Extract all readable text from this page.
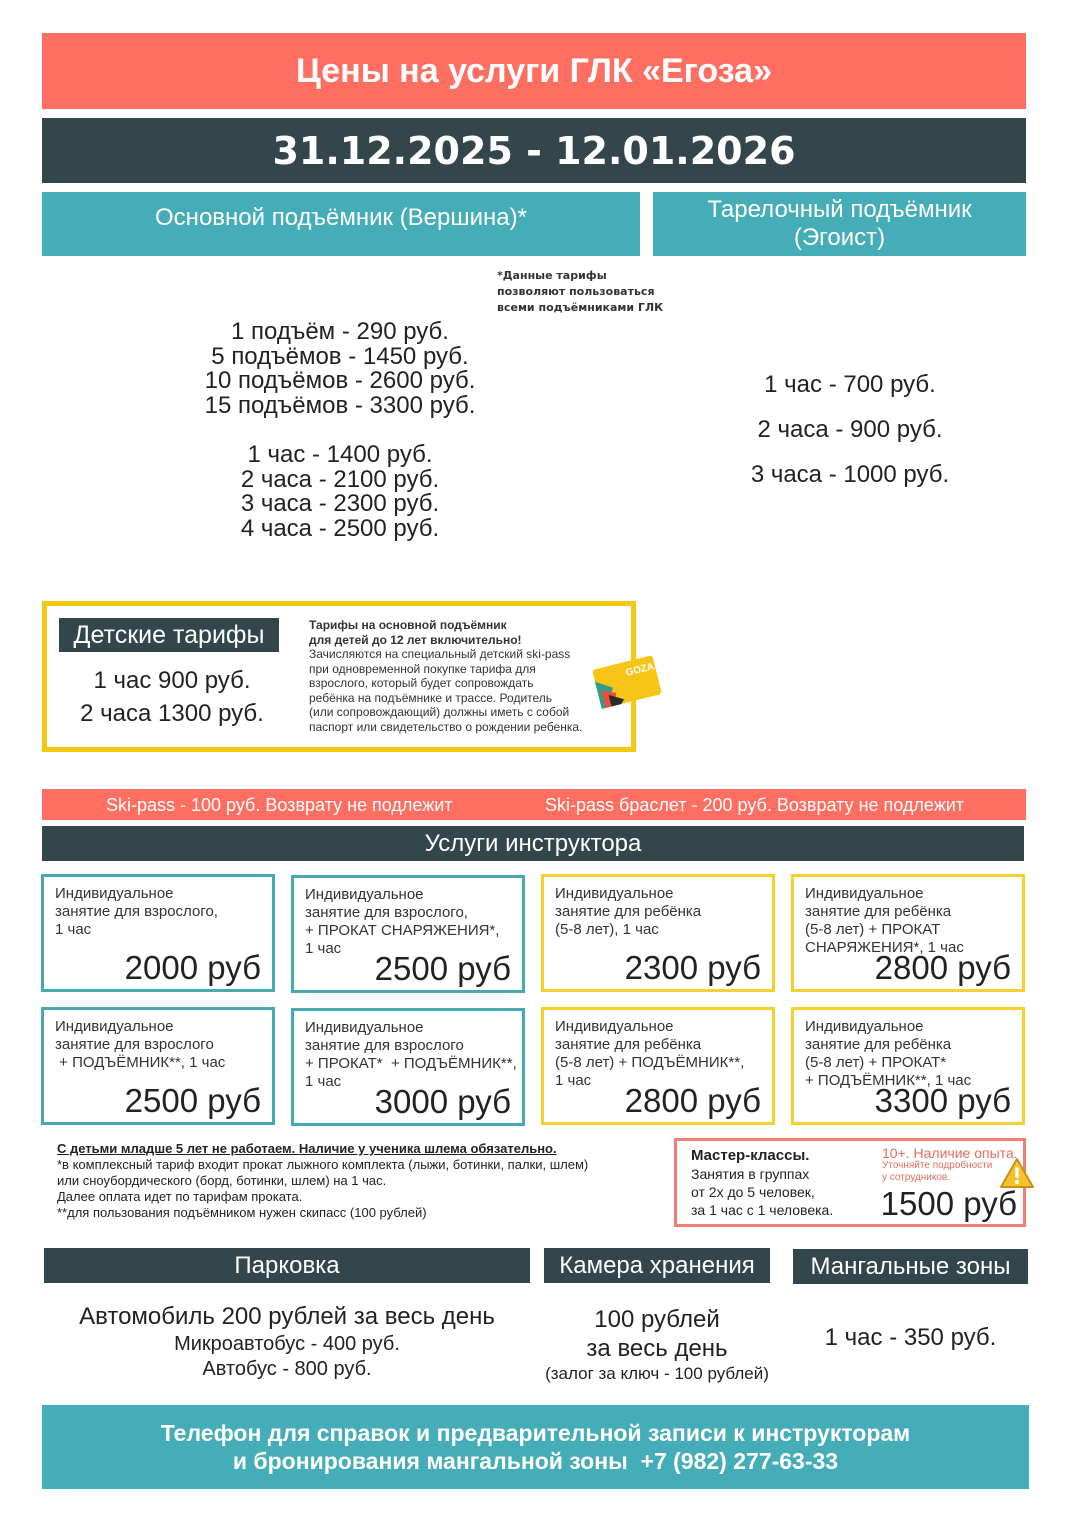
Цены на услуги ГЛК «Егоза»
31.12.2025 - 12.01.2026
Основной подъёмник (Вершина)*	Тарелочный подъёмник
(Эгоист)
*Данные тарифы
позволяют пользоваться
всеми подъёмниками ГЛК
1 подъём - 290 руб.
5 подъёмов - 1450 руб.
10 подъёмов - 2600 руб.
15 подъёмов - 3300 руб.
1 час - 1400 руб.
2 часа - 2100 руб.
3 часа - 2300 руб.
4 часа - 2500 руб.
1 час - 700 руб.
2 часа - 900 руб.
3 часа - 1000 руб.
Детские тарифы
1 час 900 руб.
2 часа 1300 руб.
Тарифы на основной подъёмник
для детей до 12 лет включительно!
Зачисляются на специальный детский ski-pass
при одновременной покупке тарифа для
взрослого, который будет сопровождать
ребёнка на подъёмнике и трассе. Родитель
(или сопровождающий) должны иметь с собой
паспорт или свидетельство о рождении ребенка.
GOZA
Ski-pass - 100 руб. Возврату не подлежит	Ski-pass браслет - 200 руб. Возврату не подлежит
Услуги инструктора
Индивидуальное
занятие для взрослого,
1 час
2000 руб
Индивидуальное
занятие для взрослого,
+ ПРОКАТ СНАРЯЖЕНИЯ*,
1 час
2500 руб
Индивидуальное
занятие для ребёнка
(5-8 лет), 1 час
2300 руб
Индивидуальное
занятие для ребёнка
(5-8 лет) + ПРОКАТ
СНАРЯЖЕНИЯ*, 1 час
2800 руб
Индивидуальное
занятие для взрослого
+ ПОДЪЁМНИК**, 1 час
2500 руб
Индивидуальное
занятие для взрослого
+ ПРОКАТ*  + ПОДЪЁМНИК**,
1 час
3000 руб
Индивидуальное
занятие для ребёнка
(5-8 лет) + ПОДЪЁМНИК**,
1 час
2800 руб
Индивидуальное
занятие для ребёнка
(5-8 лет) + ПРОКАТ*
+ ПОДЪЁМНИК**, 1 час
3300 руб
С детьми младше 5 лет не работаем. Наличие у ученика шлема обязательно.
*в комплексный тариф входит прокат лыжного комплекта (лыжи, ботинки, палки, шлем)
или сноубордического (борд, ботинки, шлем) на 1 час.
Далее оплата идет по тарифам проката.
**для пользования подъёмником нужен скипасс (100 рублей)
Мастер-классы.
Занятия в группах
от 2х до 5 человек,
за 1 час с 1 человека.
10+. Наличие опыта.
Уточняйте подробности
у сотрудников.
1500 руб
Парковка	Камера хранения Мангальные зоны
Автомобиль 200 рублей за весь день
Микроавтобус - 400 руб.
Автобус - 800 руб.
100 рублей
за весь день
(залог за ключ - 100 рублей)
1 час - 350 руб.
Телефон для справок и предварительной записи к инструкторам
и бронирования мангальной зоны  +7 (982) 277-63-33
